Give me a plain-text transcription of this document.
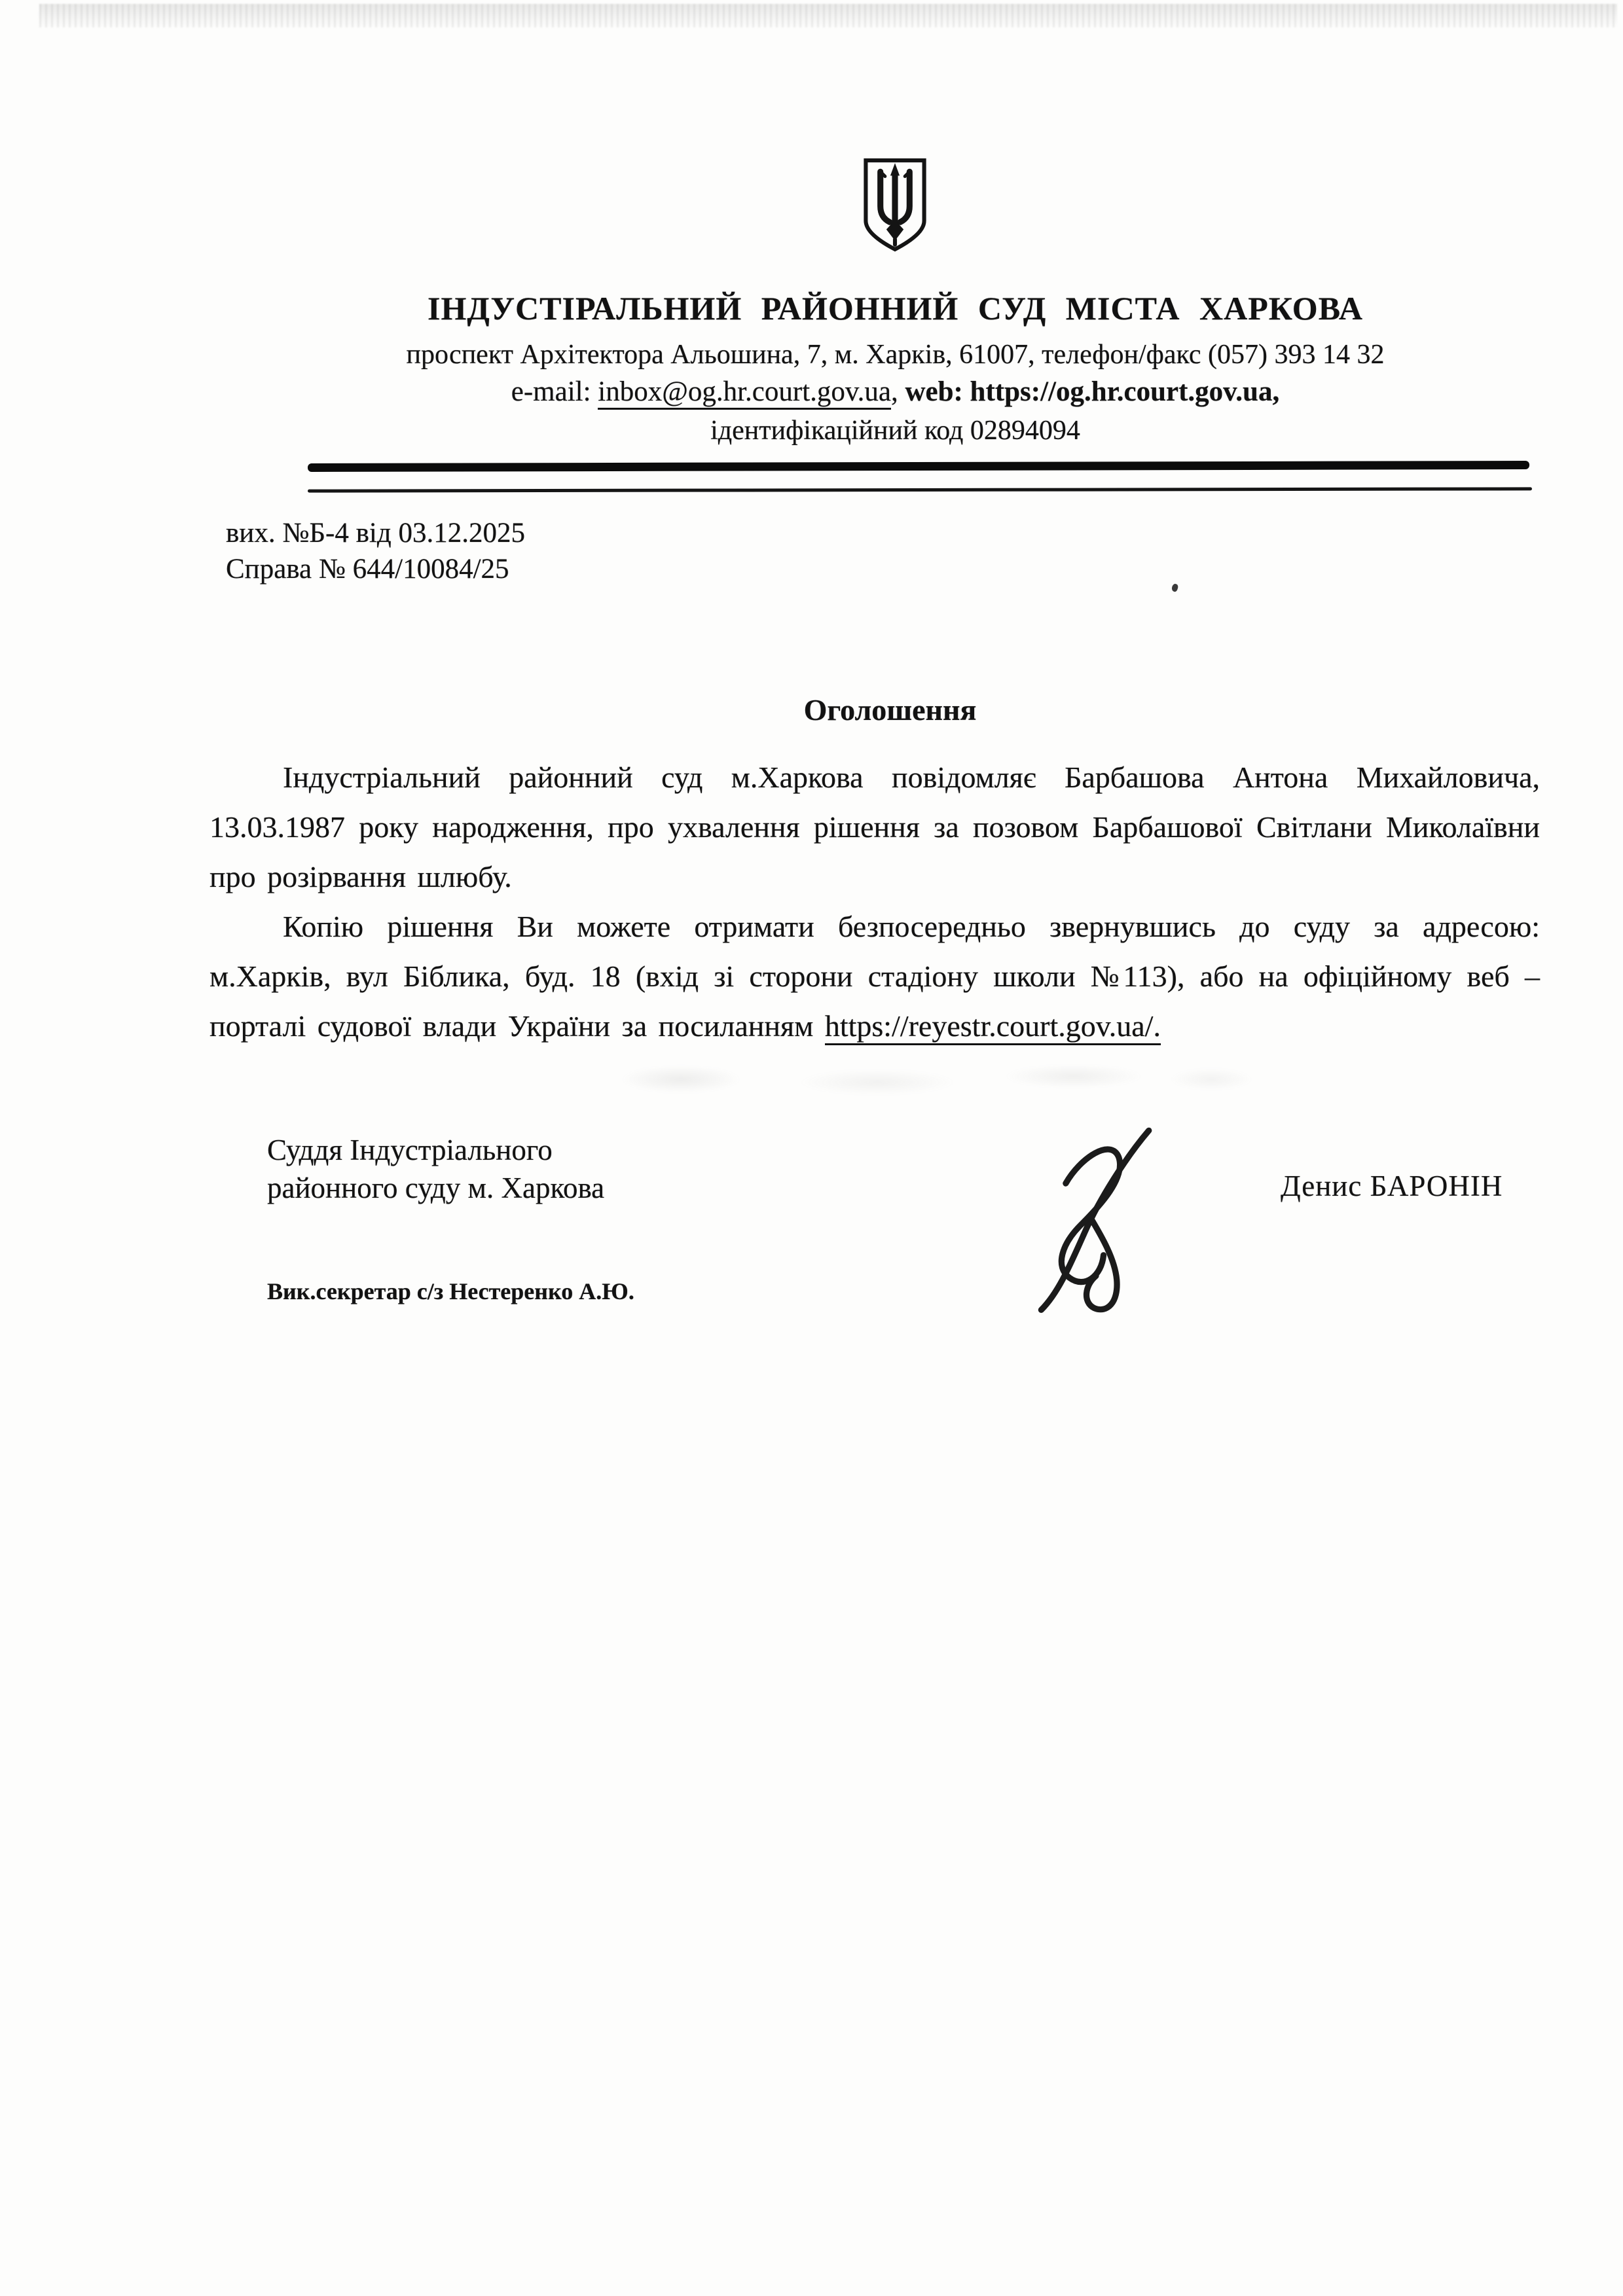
ІНДУСТІРАЛЬНИЙ РАЙОННИЙ СУД МІСТА ХАРКОВА
проспект Архітектора Альошина, 7, м. Харків, 61007, телефон/факс (057) 393 14 32
e-mail: inbox@og.hr.court.gov.ua, web: https://og.hr.court.gov.ua,
ідентифікаційний код 02894094
вих. №Б-4 від 03.12.2025
Справа № 644/10084/25
Оголошення

Індустріальний районний суд м.Харкова повідомляє Барбашова Антона Михайловича, 13.03.1987 року народження, про ухвалення рішення за позовом Барбашової Світлани Миколаївни про розірвання шлюбу.

Копію рішення Ви можете отримати безпосередньо звернувшись до суду за адресою: м.Харків, вул Біблика, буд. 18 (вхід зі сторони стадіону школи №113), або на офіційному веб – порталі судової влади України за посиланням https://reyestr.court.gov.ua/.

Суддя Індустріального
районного суду м. Харкова	Денис БАРОНІН
Вик.секретар с/з Нестеренко А.Ю.
